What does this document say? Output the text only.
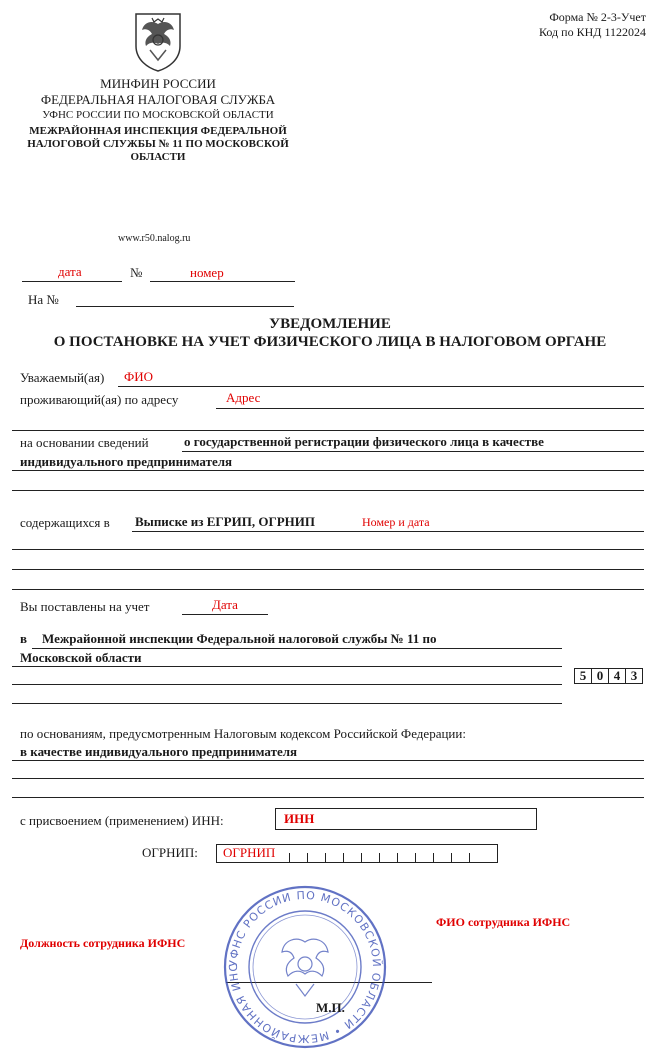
Форма № 2-3-Учет
Код по КНД 1122024
МИНФИН РОССИИ
ФЕДЕРАЛЬНАЯ НАЛОГОВАЯ СЛУЖБА
УФНС РОССИИ ПО МОСКОВСКОЙ ОБЛАСТИ
МЕЖРАЙОННАЯ ИНСПЕКЦИЯ ФЕДЕРАЛЬНОЙ
НАЛОГОВОЙ СЛУЖБЫ № 11 ПО МОСКОВСКОЙ
ОБЛАСТИ
www.r50.nalog.ru
дата	№	номер
На №
УВЕДОМЛЕНИЕ
О ПОСТАНОВКЕ НА УЧЕТ ФИЗИЧЕСКОГО ЛИЦА В НАЛОГОВОМ ОРГАНЕ
Уважаемый(ая) ФИО
проживающий(ая) по адресу	Адрес
на основании сведений	о государственной регистрации физического лица в качестве
индивидуального предпринимателя
содержащихся в Выписке из ЕГРИП, ОГРНИП	Номер и дата
Вы поставлены на учет	Дата
в Межрайонной инспекции Федеральной налоговой службы № 11 по
Московской области
5 0 4 3
по основаниям, предусмотренным Налоговым кодексом Российской Федерации:
в качестве индивидуального предпринимателя
с присвоением (применением) ИНН:	ИНН
ОГРНИП: ОГРНИП
Должность сотрудника ИФНС
ФИО сотрудника ИФНС
УФНС РОССИИ ПО МОСКОВСКОЙ ОБЛАСТИ • МЕЖРАЙОННАЯ ИНС
М.П.
